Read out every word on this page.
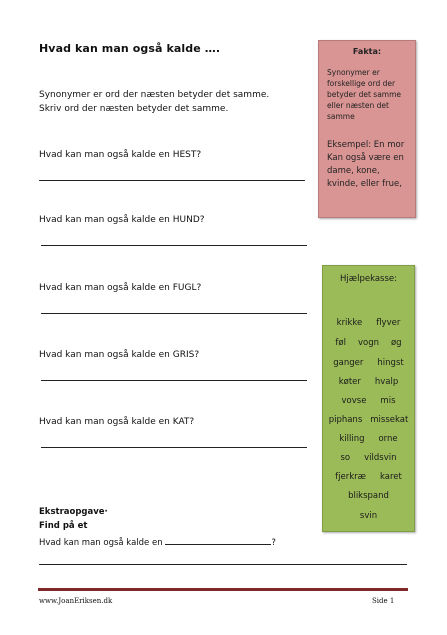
Hvad kan man også kalde ….
Synonymer er ord der næsten betyder det samme.
Skriv ord der næsten betyder det samme.
Hvad kan man også kalde en HEST?
Hvad kan man også kalde en HUND?
Hvad kan man også kalde en FUGL?
Hvad kan man også kalde en GRIS?
Hvad kan man også kalde en KAT?
Fakta:
Synonymer er forskellige ord der betyder det samme eller næsten det samme
Eksempel: En mor Kan også være en dame, kone, kvinde, eller frue,
Hjælpekasse:
krikke flyver
føl vogn øg
ganger hingst
køter hvalp
vovse mis
piphans missekat
killing orne
so vildsvin
fjerkræ karet
blikspand
svin
Ekstraopgave·
Find på et
Hvad kan man også kalde en	?
www.JoanEriksen.dk	Side 1
